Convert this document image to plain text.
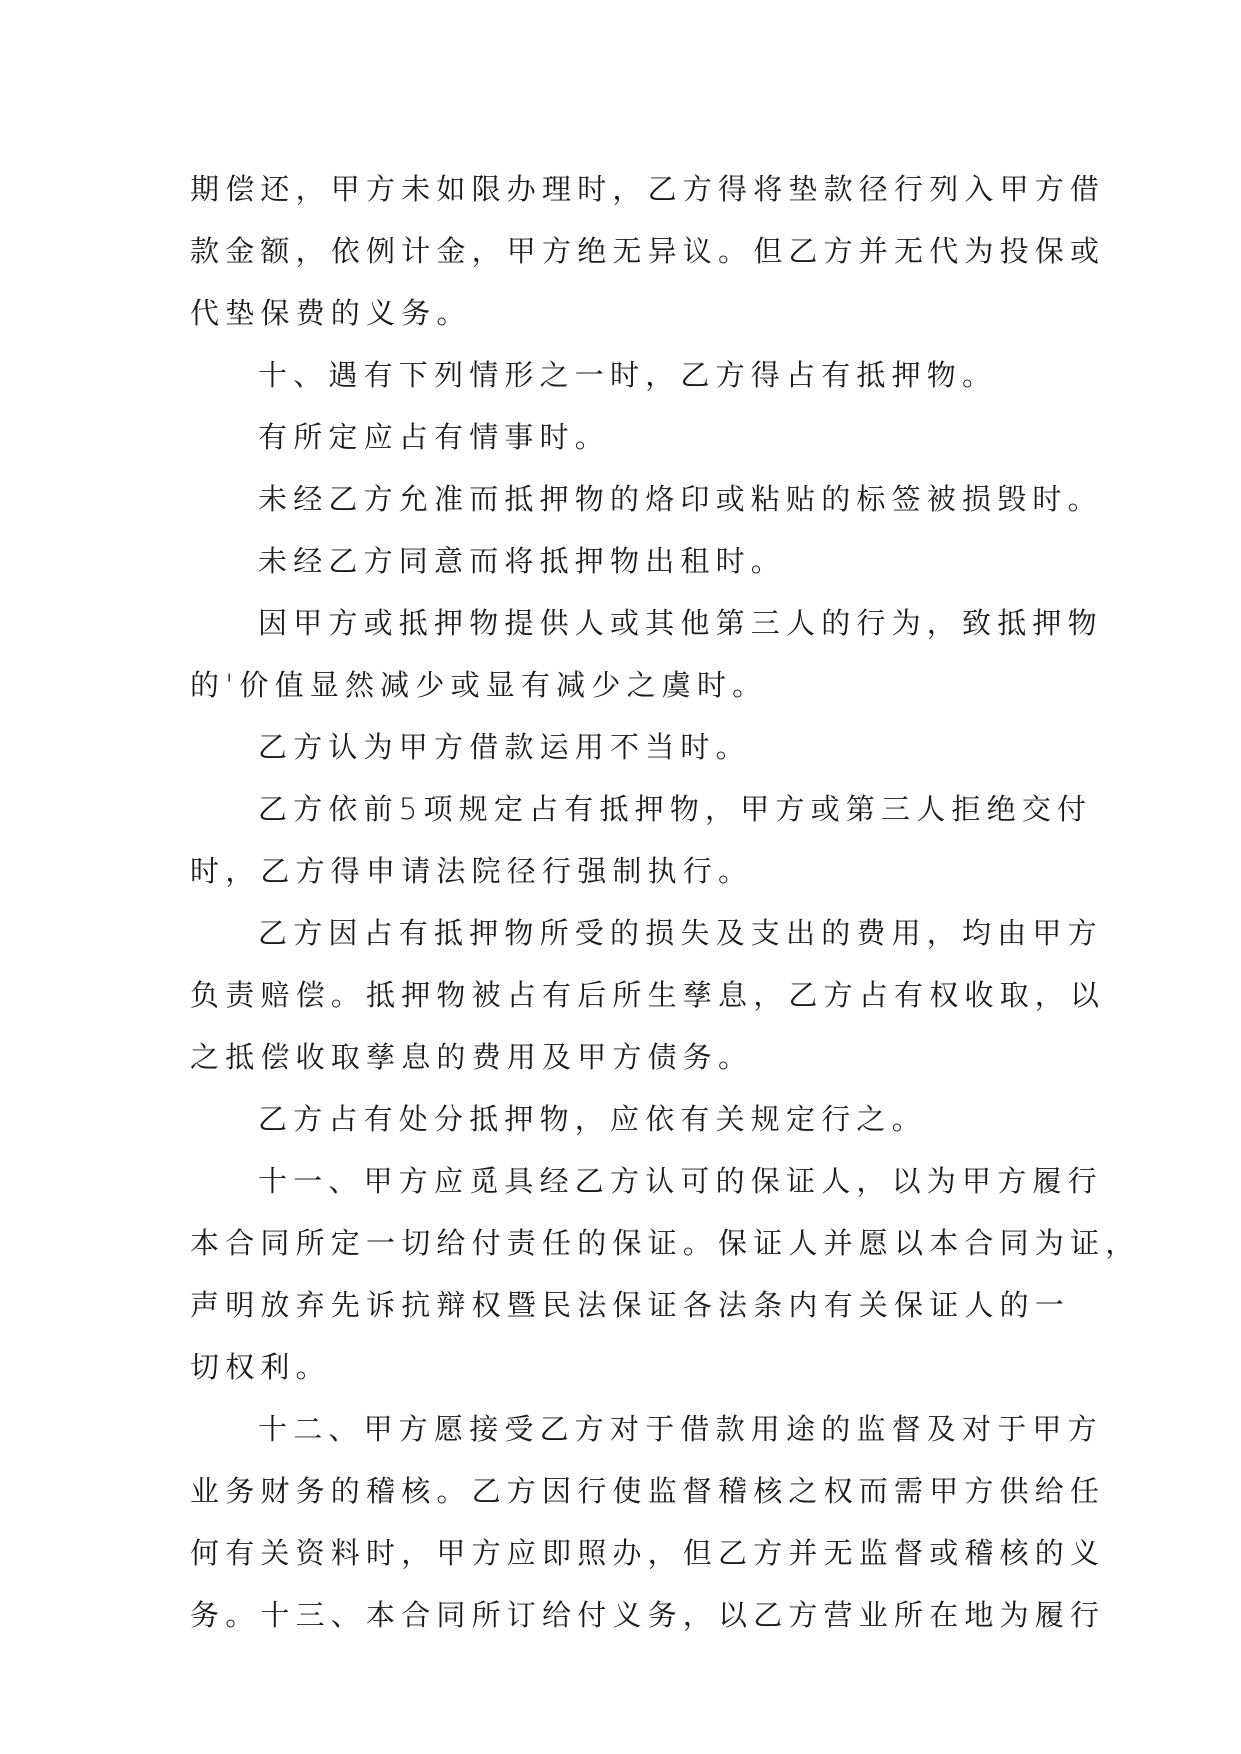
期偿还，甲方未如限办理时，乙方得将垫款径行列入甲方借

款金额，依例计金，甲方绝无异议。但乙方并无代为投保或

代垫保费的义务。

十、遇有下列情形之一时，乙方得占有抵押物。

有所定应占有情事时。

未经乙方允准而抵押物的烙印或粘贴的标签被损毁时。

未经乙方同意而将抵押物出租时。

因甲方或抵押物提供人或其他第三人的行为，致抵押物

的'价值显然减少或显有减少之虞时。

乙方认为甲方借款运用不当时。

乙方依前5项规定占有抵押物，甲方或第三人拒绝交付

时，乙方得申请法院径行强制执行。

乙方因占有抵押物所受的损失及支出的费用，均由甲方

负责赔偿。抵押物被占有后所生孳息，乙方占有权收取，以

之抵偿收取孳息的费用及甲方债务。

乙方占有处分抵押物，应依有关规定行之。

十一、甲方应觅具经乙方认可的保证人，以为甲方履行

本合同所定一切给付责任的保证。保证人并愿以本合同为证，

声明放弃先诉抗辩权暨民法保证各法条内有关保证人的一

切权利。

十二、甲方愿接受乙方对于借款用途的监督及对于甲方

业务财务的稽核。乙方因行使监督稽核之权而需甲方供给任

何有关资料时，甲方应即照办，但乙方并无监督或稽核的义

务。十三、本合同所订给付义务，以乙方营业所在地为履行
